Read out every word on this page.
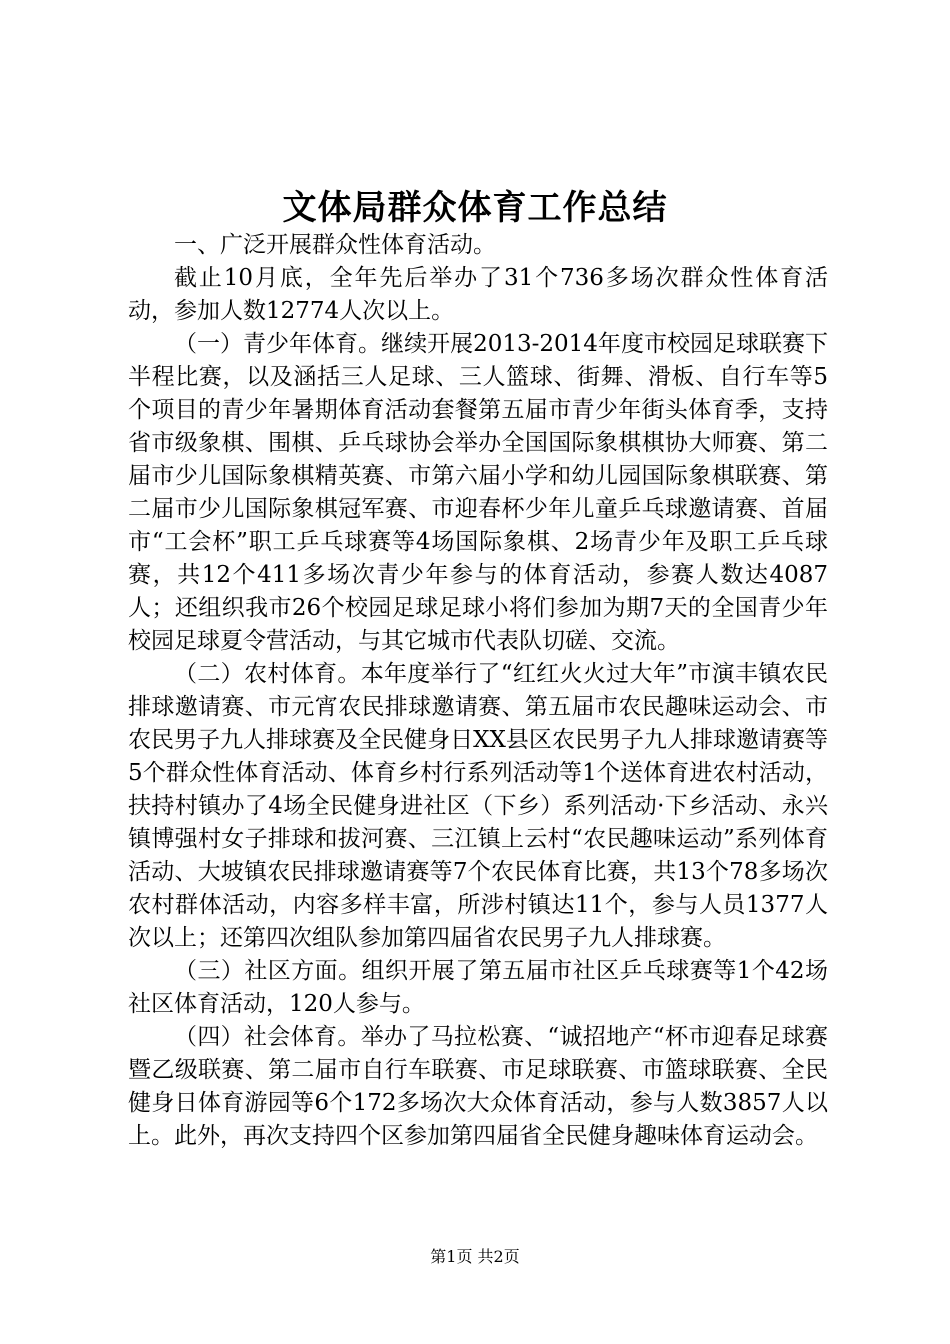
文体局群众体育工作总结

一、广泛开展群众性体育活动。

截止10月底，全年先后举办了31个736多场次群众性体育活动，参加人数12774人次以上。

（一）青少年体育。继续开展2013-2014年度市校园足球联赛下半程比赛，以及涵括三人足球、三人篮球、街舞、滑板、自行车等5个项目的青少年暑期体育活动套餐第五届市青少年街头体育季，支持省市级象棋、围棋、乒乓球协会举办全国国际象棋棋协大师赛、第二届市少儿国际象棋精英赛、市第六届小学和幼儿园国际象棋联赛、第二届市少儿国际象棋冠军赛、市迎春杯少年儿童乒乓球邀请赛、首届市“工会杯”职工乒乓球赛等4场国际象棋、2场青少年及职工乒乓球赛，共12个411多场次青少年参与的体育活动，参赛人数达4087人；还组织我市26个校园足球足球小将们参加为期7天的全国青少年校园足球夏令营活动，与其它城市代表队切磋、交流。

（二）农村体育。本年度举行了“红红火火过大年”市演丰镇农民排球邀请赛、市元宵农民排球邀请赛、第五届市农民趣味运动会、市农民男子九人排球赛及全民健身日XX县区农民男子九人排球邀请赛等5个群众性体育活动、体育乡村行系列活动等1个送体育进农村活动，扶持村镇办了4场全民健身进社区（下乡）系列活动·下乡活动、永兴镇博强村女子排球和拔河赛、三江镇上云村“农民趣味运动”系列体育活动、大坡镇农民排球邀请赛等7个农民体育比赛，共13个78多场次农村群体活动，内容多样丰富，所涉村镇达11个，参与人员1377人次以上；还第四次组队参加第四届省农民男子九人排球赛。

（三）社区方面。组织开展了第五届市社区乒乓球赛等1个42场社区体育活动，120人参与。

（四）社会体育。举办了马拉松赛、“诚招地产“杯市迎春足球赛暨乙级联赛、第二届市自行车联赛、市足球联赛、市篮球联赛、全民健身日体育游园等6个172多场次大众体育活动，参与人数3857人以上。此外，再次支持四个区参加第四届省全民健身趣味体育运动会。

第1页 共2页
